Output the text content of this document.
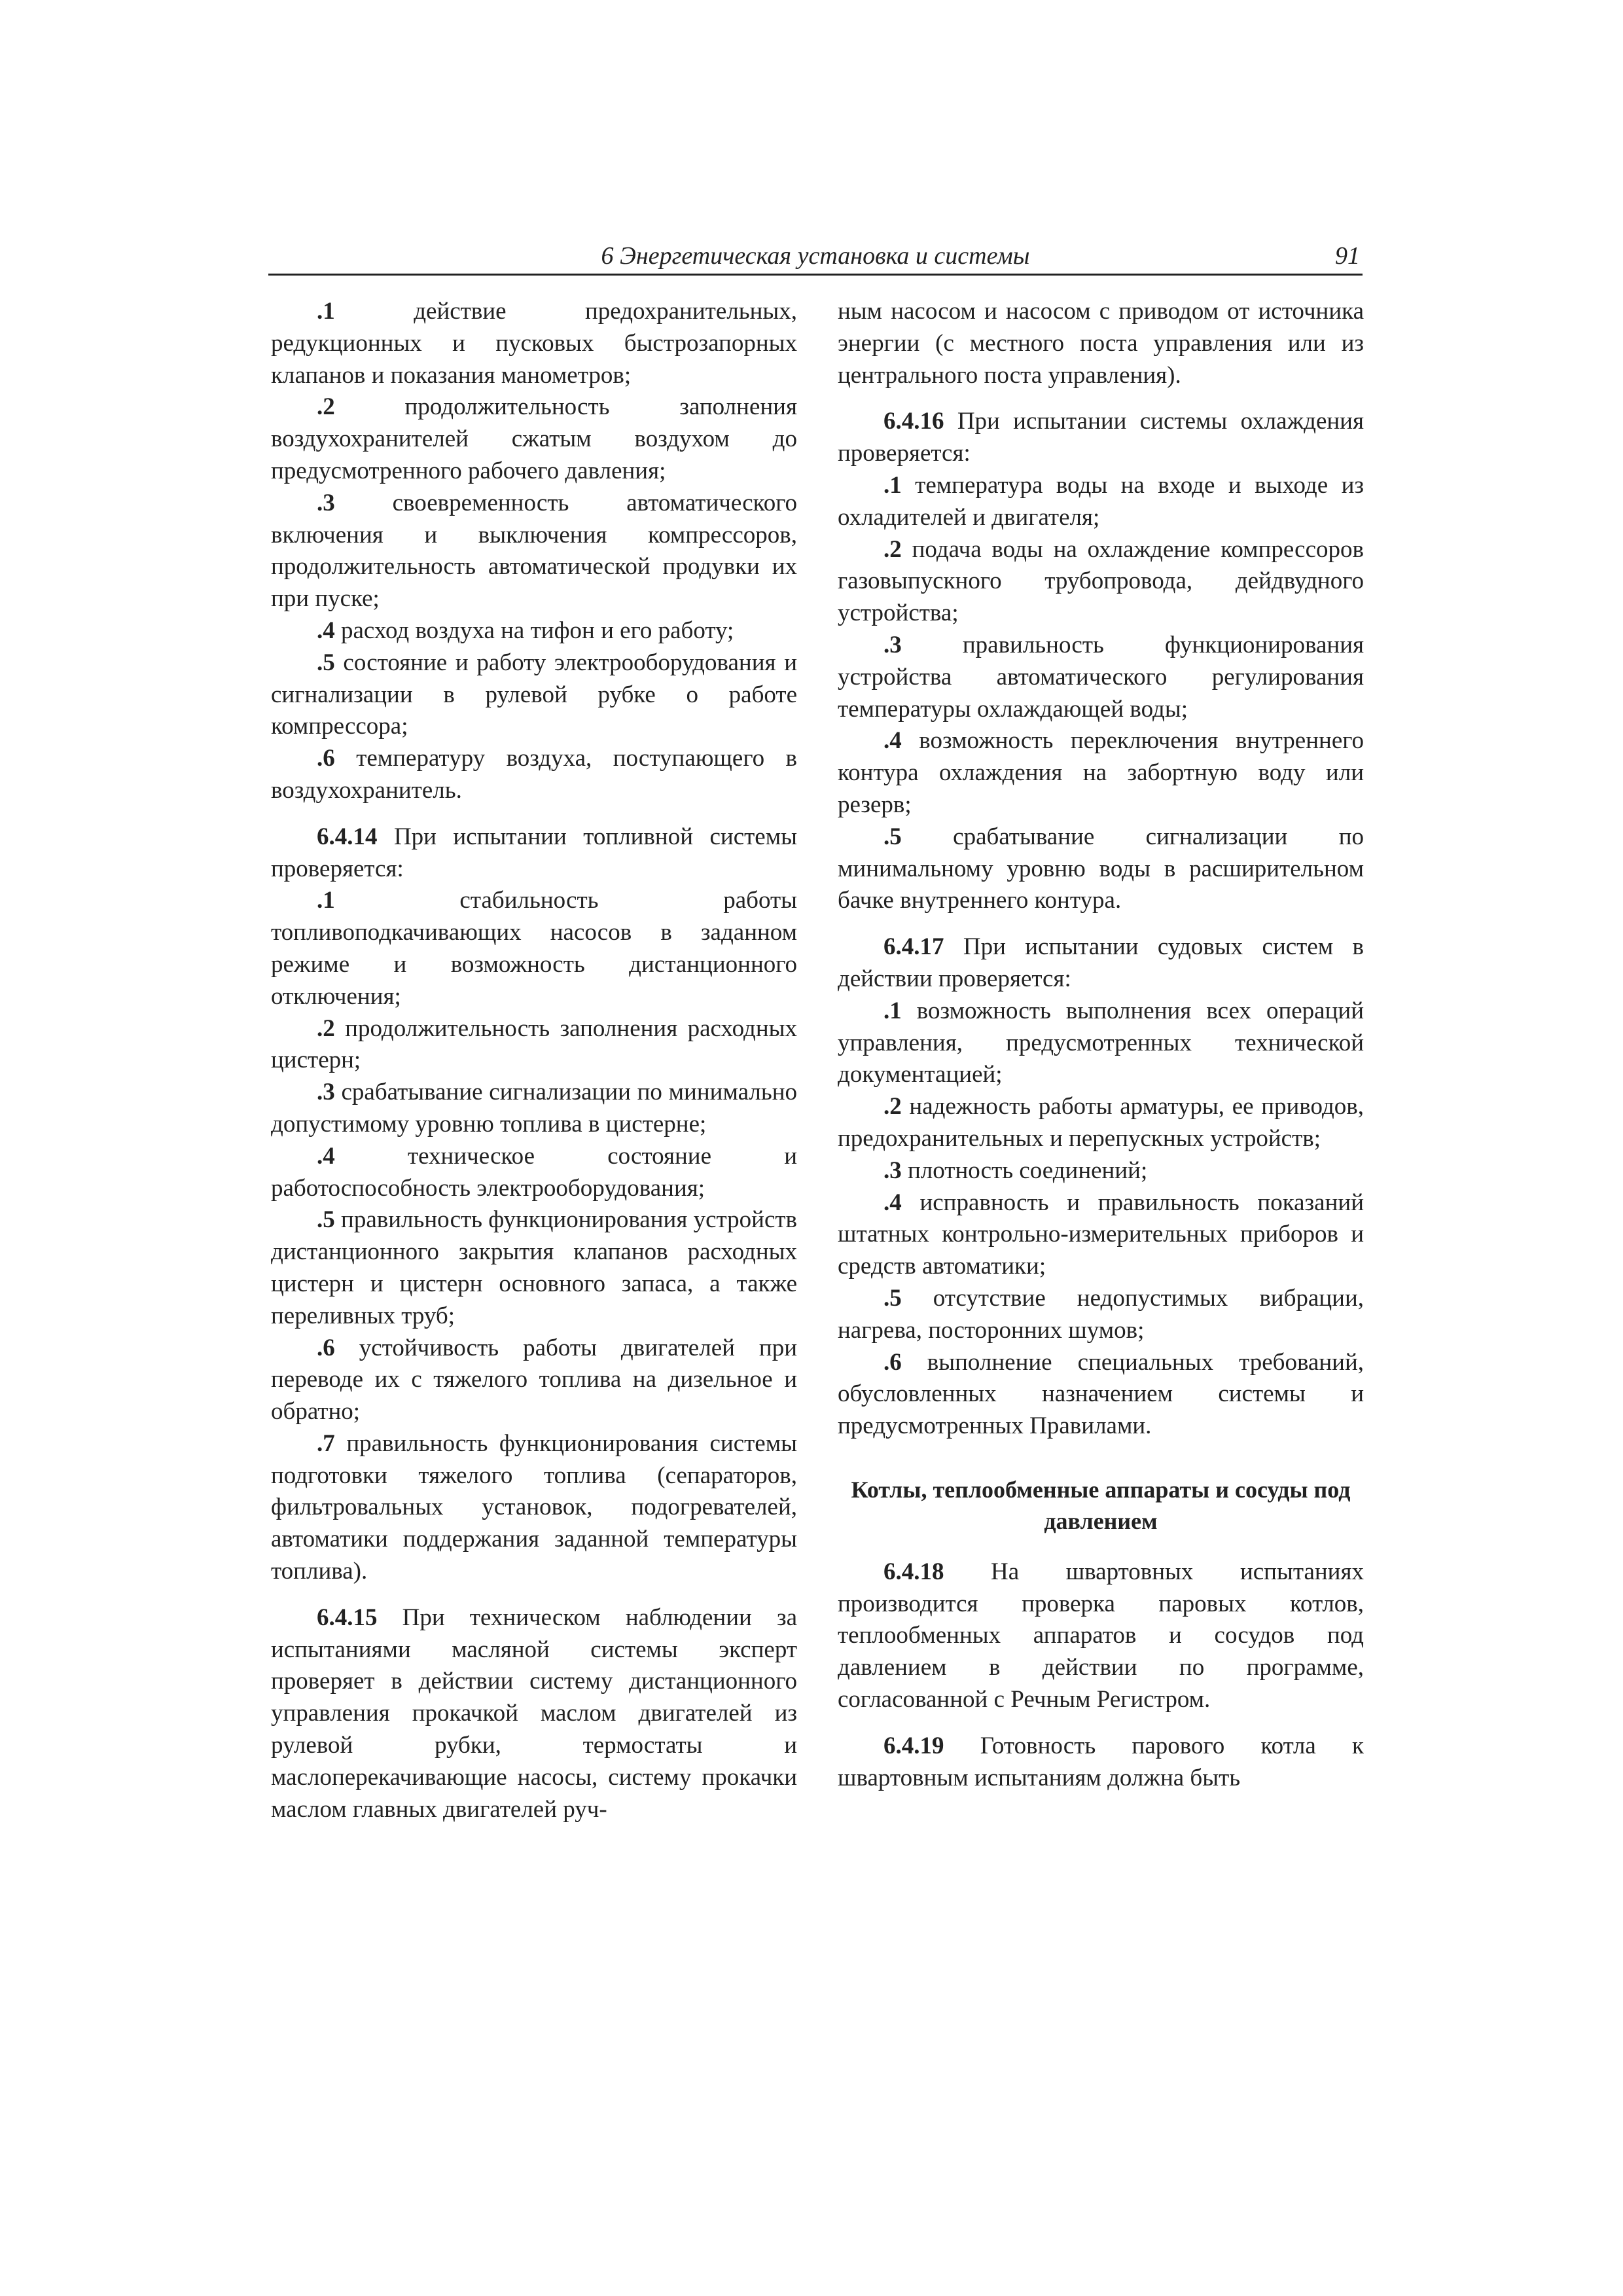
6 Энергетическая установка и системы	91

.1	действие предохранительных, редукционных и пусковых быстрозапорных клапанов и показания манометров;

.2	продолжительность заполнения воздухохранителей сжатым воздухом до предусмотренного рабочего давления;

.3 своевременность автоматического включения и выключения компрессоров, продолжительность автоматической продувки их при пуске;

.4 расход воздуха на тифон и его работу;

.5 состояние и работу электрооборудования и сигнализации в рулевой рубке о работе компрессора;

.6 температуру воздуха, поступающего в воздухохранитель.

6.4.14 При испытании топливной системы проверяется:

.1	стабильность работы топливоподкачивающих насосов в заданном режиме и возможность дистанционного отключения;

.2 продолжительность заполнения расходных цистерн;

.3 срабатывание сигнализации по минимально допустимому уровню топлива в цистерне;

.4	техническое состояние и работоспособность электрооборудования;

.5 правильность функционирования устройств дистанционного закрытия клапанов расходных цистерн и цистерн основного запаса, а также переливных труб;

.6 устойчивость работы двигателей при переводе их с тяжелого топлива на дизельное и обратно;

.7 правильность функционирования системы подготовки тяжелого топлива (сепараторов, фильтровальных установок, подогревателей, автоматики поддержания заданной температуры топлива).

6.4.15 При техническом наблюдении за испытаниями масляной системы эксперт проверяет в действии систему дистанционного управления прокачкой маслом двигателей из рулевой рубки, термостаты и маслоперекачивающие насосы, систему прокачки маслом главных двигателей руч-

ным насосом и насосом с приводом от источника энергии (с местного поста управления или из центрального поста управления).

6.4.16 При испытании системы охлаждения проверяется:

.1 температура воды на входе и выходе из охладителей и двигателя;

.2 подача воды на охлаждение компрессоров газовыпускного трубопровода, дейдвудного устройства;

.3	правильность функционирования устройства автоматического регулирования температуры охлаждающей воды;

.4 возможность переключения внутреннего контура охлаждения на забортную воду или резерв;

.5 срабатывание сигнализации по минимальному уровню воды в расширительном бачке внутреннего контура.

6.4.17 При испытании судовых систем в действии проверяется:

.1 возможность выполнения всех операций управления, предусмотренных технической документацией;

.2 надежность работы арматуры, ее приводов, предохранительных и перепускных устройств;

.3 плотность соединений;

.4 исправность и правильность показаний штатных контрольно-измерительных приборов и средств автоматики;

.5 отсутствие недопустимых вибрации, нагрева, посторонних шумов;

.6 выполнение специальных требований, обусловленных назначением системы и предусмотренных Правилами.

Котлы, теплообменные аппараты и сосуды под давлением

6.4.18 На швартовных испытаниях производится проверка паровых котлов, теплообменных аппаратов и сосудов под давлением в действии по программе, согласованной с Речным Регистром.

6.4.19 Готовность парового котла к швартовным испытаниям должна быть
